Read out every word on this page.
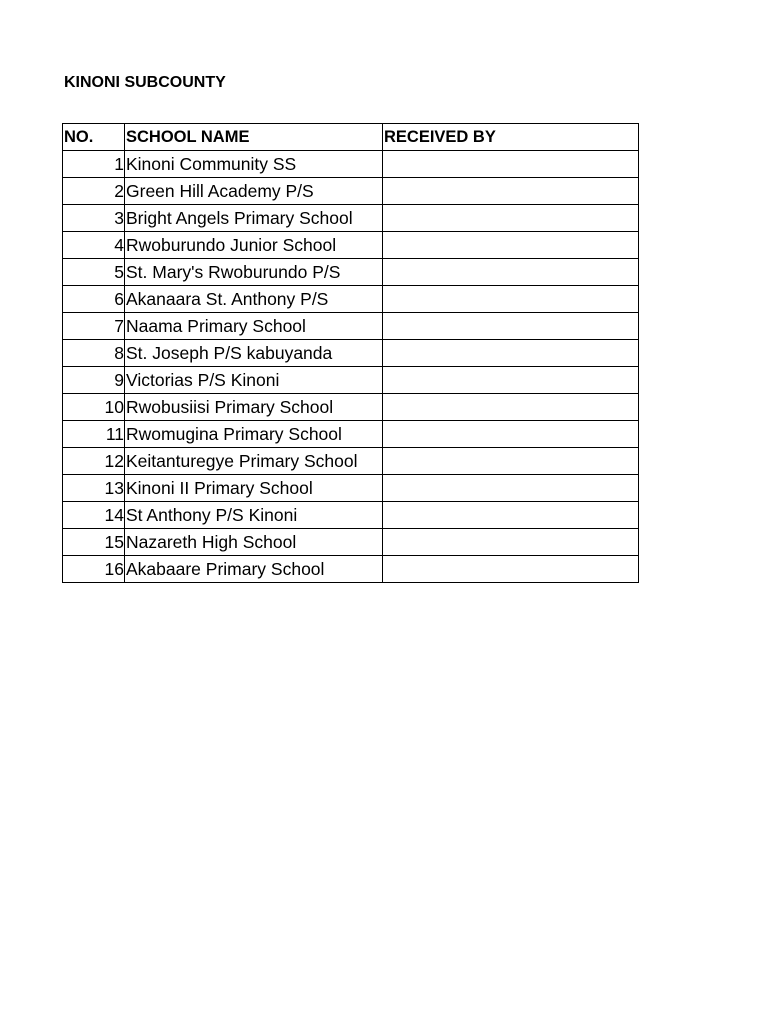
KINONI SUBCOUNTY
NO.	SCHOOL NAME	RECEIVED BY
1	Kinoni Community SS	
2	Green Hill Academy P/S	
3	Bright Angels Primary School	
4	Rwoburundo Junior School	
5	St. Mary's Rwoburundo P/S	
6	Akanaara St. Anthony P/S	
7	Naama Primary School	
8	St. Joseph P/S kabuyanda	
9	Victorias P/S Kinoni	
10	Rwobusiisi Primary School	
11	Rwomugina Primary School	
12	Keitanturegye Primary School	
13	Kinoni II Primary School	
14	St Anthony P/S Kinoni	
15	Nazareth High School	
16	Akabaare Primary School	
